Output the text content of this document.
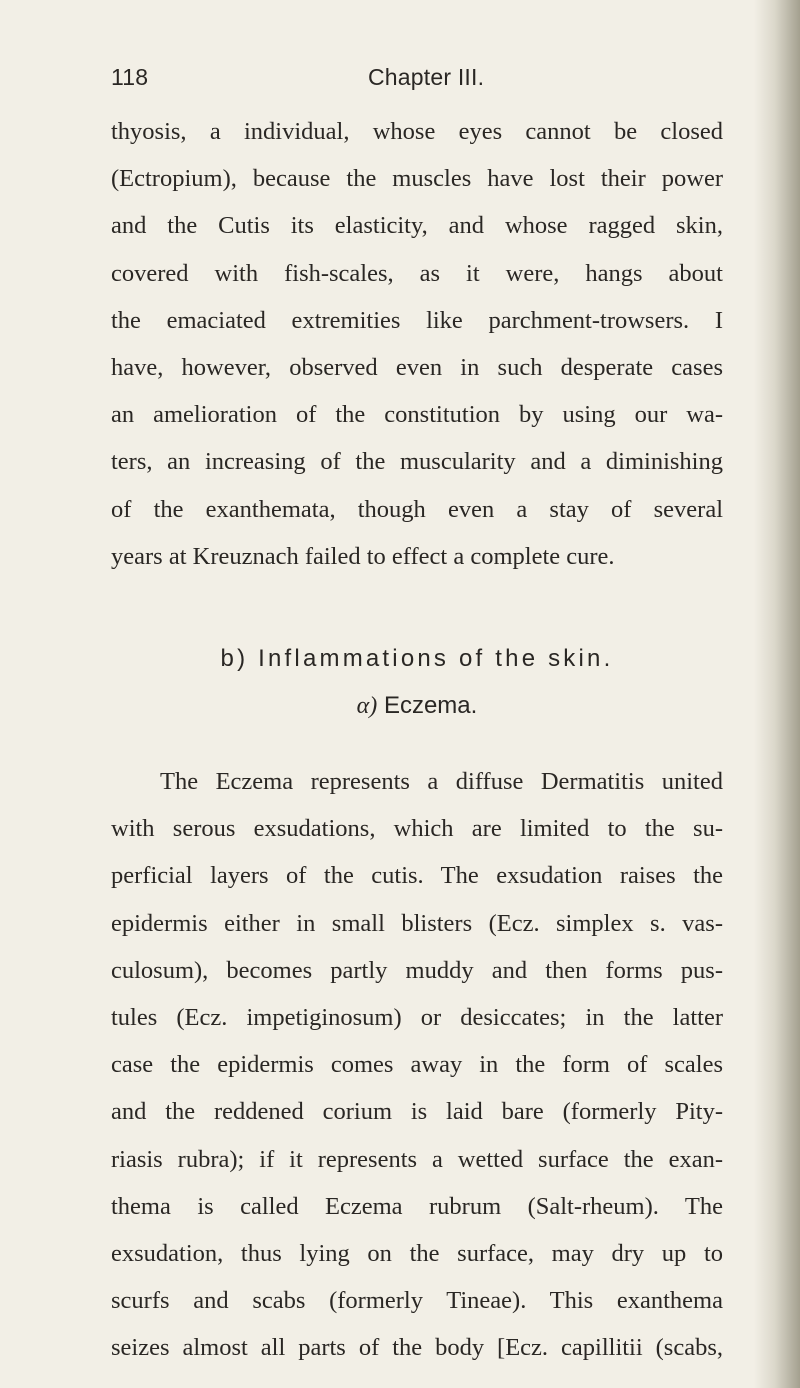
118	Chapter III.
thyosis, a individual, whose eyes cannot be closed
(Ectropium), because the muscles have lost their power
and the Cutis its elasticity, and whose ragged skin,
covered with fish-scales, as it were, hangs about
the emaciated extremities like parchment-trowsers. I
have, however, observed even in such desperate cases
an amelioration of the constitution by using our wa-
ters, an increasing of the muscularity and a diminishing
of the exanthemata, though even a stay of several
years at Kreuznach failed to effect a complete cure.
b) Inflammations of the skin.
α) Eczema.
The Eczema represents a diffuse Dermatitis united
with serous exsudations, which are limited to the su-
perficial layers of the cutis. The exsudation raises the
epidermis either in small blisters (Ecz. simplex s. vas-
culosum), becomes partly muddy and then forms pus-
tules (Ecz. impetiginosum) or desiccates; in the latter
case the epidermis comes away in the form of scales
and the reddened corium is laid bare (formerly Pity-
riasis rubra); if it represents a wetted surface the exan-
thema is called Eczema rubrum (Salt-rheum). The
exsudation, thus lying on the surface, may dry up to
scurfs and scabs (formerly Tineae). This exanthema
seizes almost all parts of the body [Ecz. capillitii (scabs,
